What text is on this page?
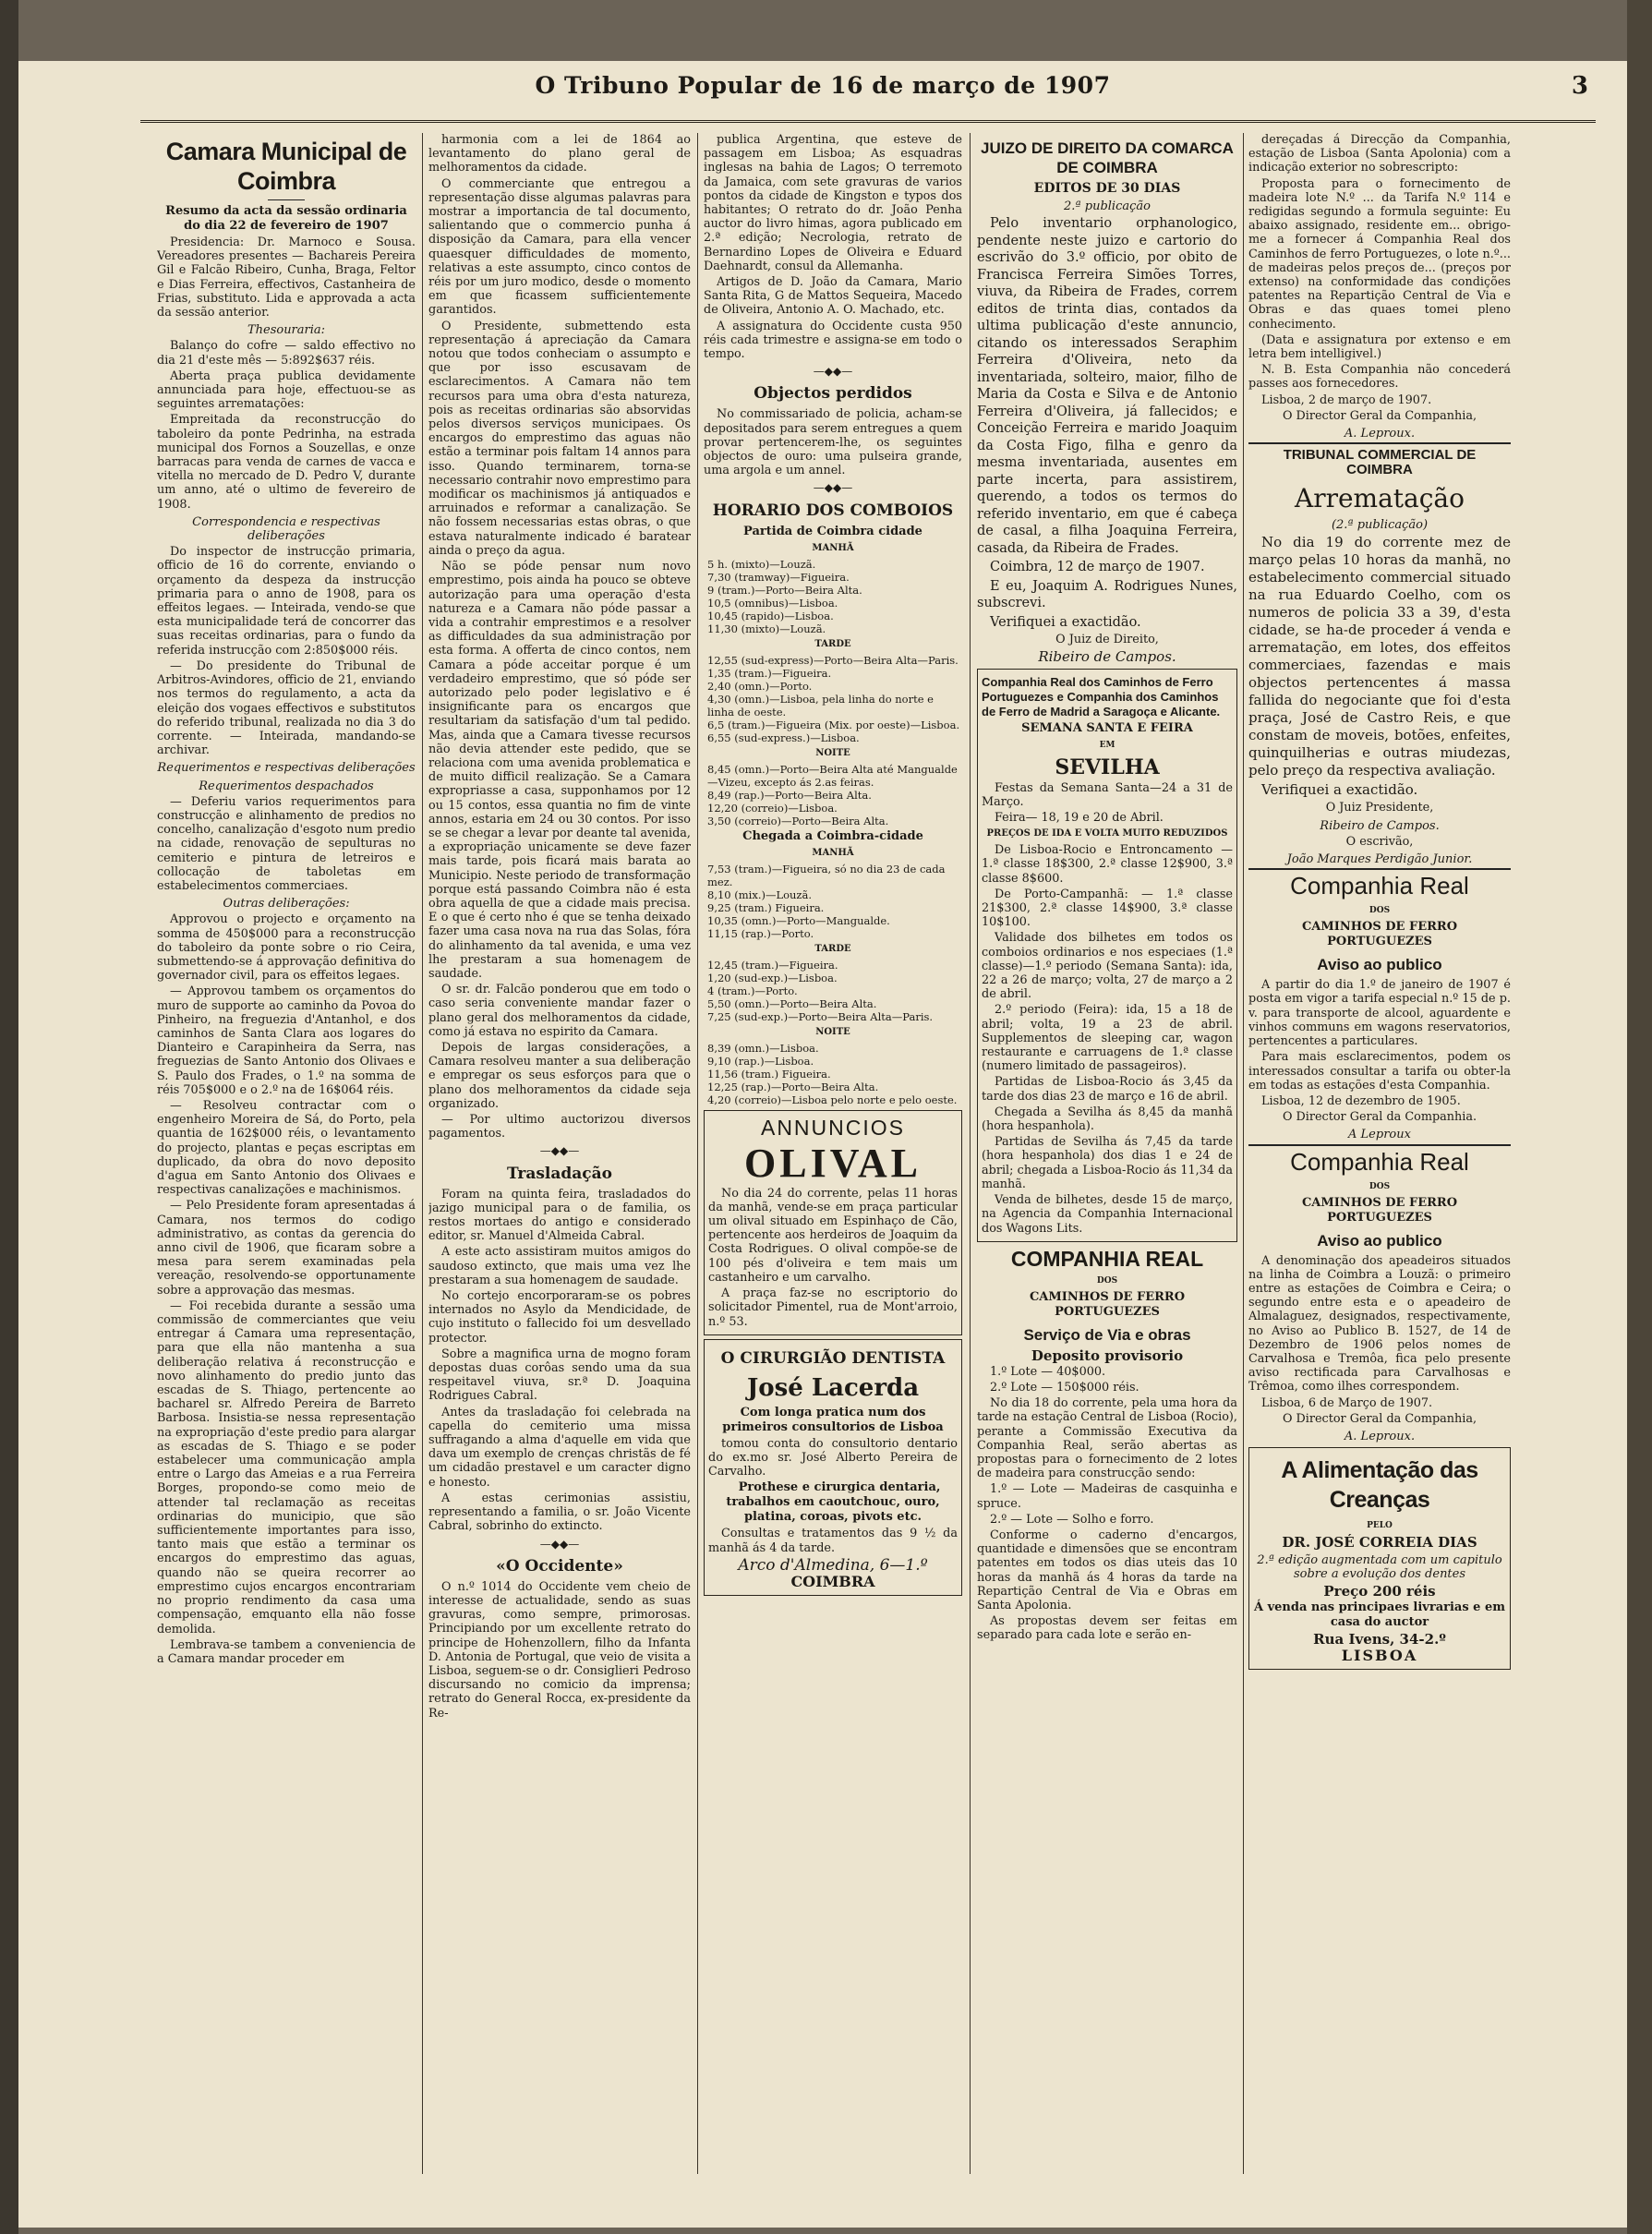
O Tribuno Popular de 16 de março de 1907	3
Camara Municipal de Coimbra
Resumo da acta da sessão ordinaria do dia 22 de fevereiro de 1907

Presidencia: Dr. Marnoco e Sousa. Vereadores presentes — Bachareis Pereira Gil e Falcão Ribeiro, Cunha, Braga, Feltor e Dias Ferreira, effectivos, Castanheira de Frias, substituto. Lida e approvada a acta da sessão anterior.

Thesouraria:

Balanço do cofre — saldo effectivo no dia 21 d'este mês — 5:892$637 réis.

Aberta praça publica devidamente annunciada para hoje, effectuou-se as seguintes arrematações:

Empreitada da reconstrucção do taboleiro da ponte Pedrinha, na estrada municipal dos Fornos a Souzellas, e onze barracas para venda de carnes de vacca e vitella no mercado de D. Pedro V, durante um anno, até o ultimo de fevereiro de 1908.

Correspondencia e respectivas deliberações

Do inspector de instrucção primaria, officio de 16 do corrente, enviando o orçamento da despeza da instrucção primaria para o anno de 1908, para os effeitos legaes. — Inteirada, vendo-se que esta municipalidade terá de concorrer das suas receitas ordinarias, para o fundo da referida instrucção com 2:850$000 réis.

— Do presidente do Tribunal de Arbitros-Avindores, officio de 21, enviando nos termos do regulamento, a acta da eleição dos vogaes effectivos e substitutos do referido tribunal, realizada no dia 3 do corrente. — Inteirada, mandando-se archivar.

Requerimentos e respectivas deliberações
Requerimentos despachados

— Deferiu varios requerimentos para construcção e alinhamento de predios no concelho, canalização d'esgoto num predio na cidade, renovação de sepulturas no cemiterio e pintura de letreiros e collocação de taboletas em estabelecimentos commerciaes.

Outras deliberações:

Approvou o projecto e orçamento na somma de 450$000 para a reconstrucção do taboleiro da ponte sobre o rio Ceira, submettendo-se á approvação definitiva do governador civil, para os effeitos legaes.

— Approvou tambem os orçamentos do muro de supporte ao caminho da Povoa do Pinheiro, na freguezia d'Antanhol, e dos caminhos de Santa Clara aos logares do Dianteiro e Carapinheira da Serra, nas freguezias de Santo Antonio dos Olivaes e S. Paulo dos Frades, o 1.º na somma de réis 705$000 e o 2.º na de 16$064 réis.

— Resolveu contractar com o engenheiro Moreira de Sá, do Porto, pela quantia de 162$000 réis, o levantamento do projecto, plantas e peças escriptas em duplicado, da obra do novo deposito d'agua em Santo Antonio dos Olivaes e respectivas canalizações e machinismos.

— Pelo Presidente foram apresentadas á Camara, nos termos do codigo administrativo, as contas da gerencia do anno civil de 1906, que ficaram sobre a mesa para serem examinadas pela vereação, resolvendo-se opportunamente sobre a approvação das mesmas.

— Foi recebida durante a sessão uma commissão de commerciantes que veiu entregar á Camara uma representação, para que ella não mantenha a sua deliberação relativa á reconstrucção e novo alinhamento do predio junto das escadas de S. Thiago, pertencente ao bacharel sr. Alfredo Pereira de Barreto Barbosa. Insistia-se nessa representação na expropriação d'este predio para alargar as escadas de S. Thiago e se poder estabelecer uma communicação ampla entre o Largo das Ameias e a rua Ferreira Borges, propondo-se como meio de attender tal reclamação as receitas ordinarias do municipio, que são sufficientemente importantes para isso, tanto mais que estão a terminar os encargos do emprestimo das aguas, quando não se queira recorrer ao emprestimo cujos encargos encontrariam no proprio rendimento da casa uma compensação, emquanto ella não fosse demolida.

Lembrava-se tambem a conveniencia de a Camara mandar proceder em

harmonia com a lei de 1864 ao levantamento do plano geral de melhoramentos da cidade.

O commerciante que entregou a representação disse algumas palavras para mostrar a importancia de tal documento, salientando que o commercio punha á disposição da Camara, para ella vencer quaesquer difficuldades de momento, relativas a este assumpto, cinco contos de réis por um juro modico, desde o momento em que ficassem sufficientemente garantidos.

O Presidente, submettendo esta representação á apreciação da Camara notou que todos conheciam o assumpto e que por isso escusavam de esclarecimentos. A Camara não tem recursos para uma obra d'esta natureza, pois as receitas ordinarias são absorvidas pelos diversos serviços municipaes. Os encargos do emprestimo das aguas não estão a terminar pois faltam 14 annos para isso. Quando terminarem, torna-se necessario contrahir novo emprestimo para modificar os machinismos já antiquados e arruinados e reformar a canalização. Se não fossem necessarias estas obras, o que estava naturalmente indicado é baratear ainda o preço da agua.

Não se póde pensar num novo emprestimo, pois ainda ha pouco se obteve autorização para uma operação d'esta natureza e a Camara não póde passar a vida a contrahir emprestimos e a resolver as difficuldades da sua administração por esta forma. A offerta de cinco contos, nem Camara a póde acceitar porque é um verdadeiro emprestimo, que só póde ser autorizado pelo poder legislativo e é insignificante para os encargos que resultariam da satisfação d'um tal pedido. Mas, ainda que a Camara tivesse recursos não devia attender este pedido, que se relaciona com uma avenida problematica e de muito difficil realização. Se a Camara expropriasse a casa, supponhamos por 12 ou 15 contos, essa quantia no fim de vinte annos, estaria em 24 ou 30 contos. Por isso se se chegar a levar por deante tal avenida, a expropriação unicamente se deve fazer mais tarde, pois ficará mais barata ao Municipio. Neste periodo de transformação porque está passando Coimbra não é esta obra aquella de que a cidade mais precisa. E o que é certo nho é que se tenha deixado fazer uma casa nova na rua das Solas, fóra do alinhamento da tal avenida, e uma vez lhe prestaram a sua homenagem de saudade.

O sr. dr. Falcão ponderou que em todo o caso seria conveniente mandar fazer o plano geral dos melhoramentos da cidade, como já estava no espirito da Camara.

Depois de largas considerações, a Camara resolveu manter a sua deliberação e empregar os seus esforços para que o plano dos melhoramentos da cidade seja organizado.

— Por ultimo auctorizou diversos pagamentos.

—◆◆—
Trasladação

Foram na quinta feira, trasladados do jazigo municipal para o de familia, os restos mortaes do antigo e considerado editor, sr. Manuel d'Almeida Cabral.

A este acto assistiram muitos amigos do saudoso extincto, que mais uma vez lhe prestaram a sua homenagem de saudade.

No cortejo encorporaram-se os pobres internados no Asylo da Mendicidade, de cujo instituto o fallecido foi um desvellado protector.

Sobre a magnifica urna de mogno foram depostas duas corôas sendo uma da sua respeitavel viuva, sr.ª D. Joaquina Rodrigues Cabral.

Antes da trasladação foi celebrada na capella do cemiterio uma missa suffragando a alma d'aquelle em vida que dava um exemplo de crenças christãs de fé um cidadão prestavel e um caracter digno e honesto.

A estas cerimonias assistiu, representando a familia, o sr. João Vicente Cabral, sobrinho do extincto.

—◆◆—
«O Occidente»

O n.º 1014 do Occidente vem cheio de interesse de actualidade, sendo as suas gravuras, como sempre, primorosas. Principiando por um excellente retrato do principe de Hohenzollern, filho da Infanta D. Antonia de Portugal, que veio de visita a Lisboa, seguem-se o dr. Consiglieri Pedroso discursando no comicio da imprensa; retrato do General Rocca, ex-presidente da Re-

publica Argentina, que esteve de passagem em Lisboa; As esquadras inglesas na bahia de Lagos; O terremoto da Jamaica, com sete gravuras de varios pontos da cidade de Kingston e typos dos habitantes; O retrato do dr. João Penha auctor do livro himas, agora publicado em 2.ª edição; Necrologia, retrato de Bernardino Lopes de Oliveira e Eduard Daehnardt, consul da Allemanha.

Artigos de D. João da Camara, Mario Santa Rita, G de Mattos Sequeira, Macedo de Oliveira, Antonio A. O. Machado, etc.

A assignatura do Occidente custa 950 réis cada trimestre e assigna-se em todo o tempo.

—◆◆—
Objectos perdidos

No commissariado de policia, acham-se depositados para serem entregues a quem provar pertencerem-lhe, os seguintes objectos de ouro: uma pulseira grande, uma argola e um annel.

—◆◆—
HORARIO DOS COMBOIOS
Partida de Coimbra cidade
MANHÃ
5 h. (mixto)—Louzã.
7,30 (tramway)—Figueira.
9 (tram.)—Porto—Beira Alta.
10,5 (omnibus)—Lisboa.
10,45 (rapido)—Lisboa.
11,30 (mixto)—Louzã.
TARDE
12,55 (sud-express)—Porto—Beira Alta—Paris.
1,35 (tram.)—Figueira.
2,40 (omn.)—Porto.
4,30 (omn.)—Lisboa, pela linha do norte e linha de oeste.
6,5 (tram.)—Figueira (Mix. por oeste)—Lisboa.
6,55 (sud-express.)—Lisboa.
NOITE
8,45 (omn.)—Porto—Beira Alta até Mangualde—Vizeu, excepto ás 2.as feiras.
8,49 (rap.)—Porto—Beira Alta.
12,20 (correio)—Lisboa.
3,50 (correio)—Porto—Beira Alta.
Chegada a Coimbra-cidade
MANHÃ
7,53 (tram.)—Figueira, só no dia 23 de cada mez.
8,10 (mix.)—Louzã.
9,25 (tram.) Figueira.
10,35 (omn.)—Porto—Mangualde.
11,15 (rap.)—Porto.
TARDE
12,45 (tram.)—Figueira.
1,20 (sud-exp.)—Lisboa.
4 (tram.)—Porto.
5,50 (omn.)—Porto—Beira Alta.
7,25 (sud-exp.)—Porto—Beira Alta—Paris.
NOITE
8,39 (omn.)—Lisboa.
9,10 (rap.)—Lisboa.
11,56 (tram.) Figueira.
12,25 (rap.)—Porto—Beira Alta.
4,20 (correio)—Lisboa pelo norte e pelo oeste.
ANNUNCIOS
OLIVAL

No dia 24 do corrente, pelas 11 horas da manhã, vende-se em praça particular um olival situado em Espinhaço de Cão, pertencente aos herdeiros de Joaquim da Costa Rodrigues. O olival compõe-se de 100 pés d'oliveira e tem mais um castanheiro e um carvalho.

A praça faz-se no escriptorio do solicitador Pimentel, rua de Mont'arroio, n.º 53.

O CIRURGIÃO DENTISTA
José Lacerda
Com longa pratica num dos primeiros consultorios de Lisboa

tomou conta do consultorio dentario do ex.mo sr. José Alberto Pereira de Carvalho.

Prothese e cirurgica dentaria, trabalhos em caoutchouc, ouro, platina, coroas, pivots etc.

Consultas e tratamentos das 9 ½ da manhã ás 4 da tarde.

Arco d'Almedina, 6—1.º
COIMBRA
JUIZO DE DIREITO DA COMARCA DE COIMBRA
EDITOS DE 30 DIAS
2.ª publicação

Pelo inventario orphanologico, pendente neste juizo e cartorio do escrivão do 3.º officio, por obito de Francisca Ferreira Simões Torres, viuva, da Ribeira de Frades, correm editos de trinta dias, contados da ultima publicação d'este annuncio, citando os interessados Seraphim Ferreira d'Oliveira, neto da inventariada, solteiro, maior, filho de Maria da Costa e Silva e de Antonio Ferreira d'Oliveira, já fallecidos; e Conceição Ferreira e marido Joaquim da Costa Figo, filha e genro da mesma inventariada, ausentes em parte incerta, para assistirem, querendo, a todos os termos do referido inventario, em que é cabeça de casal, a filha Joaquina Ferreira, casada, da Ribeira de Frades.

Coimbra, 12 de março de 1907.

E eu, Joaquim A. Rodrigues Nunes, subscrevi.

Verifiquei a exactidão.

O Juiz de Direito,
Ribeiro de Campos.
Companhia Real dos Caminhos de Ferro Portuguezes e Companhia dos Caminhos de Ferro de Madrid a Saragoça e Alicante.
SEMANA SANTA E FEIRA
EM
SEVILHA

Festas da Semana Santa—24 a 31 de Março.

Feira— 18, 19 e 20 de Abril.

PREÇOS DE IDA E VOLTA MUITO REDUZIDOS

De Lisboa-Rocio e Entroncamento — 1.ª classe 18$300, 2.ª classe 12$900, 3.ª classe 8$600.

De Porto-Campanhã: — 1.ª classe 21$300, 2.ª classe 14$900, 3.ª classe 10$100.

Validade dos bilhetes em todos os comboios ordinarios e nos especiaes (1.ª classe)—1.º periodo (Semana Santa): ida, 22 a 26 de março; volta, 27 de março a 2 de abril.

2.º periodo (Feira): ida, 15 a 18 de abril; volta, 19 a 23 de abril. Supplementos de sleeping car, wagon restaurante e carruagens de 1.ª classe (numero limitado de passageiros).

Partidas de Lisboa-Rocio ás 3,45 da tarde dos dias 23 de março e 16 de abril.

Chegada a Sevilha ás 8,45 da manhã (hora hespanhola).

Partidas de Sevilha ás 7,45 da tarde (hora hespanhola) dos dias 1 e 24 de abril; chegada a Lisboa-Rocio ás 11,34 da manhã.

Venda de bilhetes, desde 15 de março, na Agencia da Companhia Internacional dos Wagons Lits.

COMPANHIA REAL
DOS
CAMINHOS DE FERRO PORTUGUEZES
Serviço de Via e obras
Deposito provisorio

1.º Lote — 40$000.

2.º Lote — 150$000 réis.

No dia 18 do corrente, pela uma hora da tarde na estação Central de Lisboa (Rocio), perante a Commissão Executiva da Companhia Real, serão abertas as propostas para o fornecimento de 2 lotes de madeira para construcção sendo:

1.º — Lote — Madeiras de casquinha e spruce.

2.º — Lote — Solho e forro.

Conforme o caderno d'encargos, quantidade e dimensões que se encontram patentes em todos os dias uteis das 10 horas da manhã ás 4 horas da tarde na Repartição Central de Via e Obras em Santa Apolonia.

As propostas devem ser feitas em separado para cada lote e serão en-

dereçadas á Direcção da Companhia, estação de Lisboa (Santa Apolonia) com a indicação exterior no sobrescripto:

Proposta para o fornecimento de madeira lote N.º ... da Tarifa N.º 114 e redigidas segundo a formula seguinte: Eu abaixo assignado, residente em... obrigo-me a fornecer á Companhia Real dos Caminhos de ferro Portuguezes, o lote n.º... de madeiras pelos preços de... (preços por extenso) na conformidade das condições patentes na Repartição Central de Via e Obras e das quaes tomei pleno conhecimento.

(Data e assignatura por extenso e em letra bem intelligivel.)

N. B. Esta Companhia não concederá passes aos fornecedores.

Lisboa, 2 de março de 1907.

O Director Geral da Companhia,
A. Leproux.
TRIBUNAL COMMERCIAL DE COIMBRA
Arrematação
(2.ª publicação)

No dia 19 do corrente mez de março pelas 10 horas da manhã, no estabelecimento commercial situado na rua Eduardo Coelho, com os numeros de policia 33 a 39, d'esta cidade, se ha-de proceder á venda e arrematação, em lotes, dos effeitos commerciaes, fazendas e mais objectos pertencentes á massa fallida do negociante que foi d'esta praça, José de Castro Reis, e que constam de moveis, botões, enfeites, quinquilherias e outras miudezas, pelo preço da respectiva avaliação.

Verifiquei a exactidão.

O Juiz Presidente,
Ribeiro de Campos.
O escrivão,
João Marques Perdigão Junior.
Companhia Real
DOS
CAMINHOS DE FERRO PORTUGUEZES
Aviso ao publico

A partir do dia 1.º de janeiro de 1907 é posta em vigor a tarifa especial n.º 15 de p. v. para transporte de alcool, aguardente e vinhos communs em wagons reservatorios, pertencentes a particulares.

Para mais esclarecimentos, podem os interessados consultar a tarifa ou obter-la em todas as estações d'esta Companhia.

Lisboa, 12 de dezembro de 1905.

O Director Geral da Companhia.
A Leproux
Companhia Real
DOS
CAMINHOS DE FERRO PORTUGUEZES
Aviso ao publico

A denominação dos apeadeiros situados na linha de Coimbra a Louzã: o primeiro entre as estações de Coimbra e Ceira; o segundo entre esta e o apeadeiro de Almalaguez, designados, respectivamente, no Aviso ao Publico B. 1527, de 14 de Dezembro de 1906 pelos nomes de Carvalhosa e Tremôa, fica pelo presente aviso rectificada para Carvalhosas e Trêmoa, como ilhes correspondem.

Lisboa, 6 de Março de 1907.

O Director Geral da Companhia,
A. Leproux.
A Alimentação das Creanças
PELO
DR. JOSÉ CORREIA DIAS
2.ª edição augmentada com um capitulo sobre a evolução dos dentes
Preço 200 réis
Á venda nas principaes livrarias e em casa do auctor
Rua Ivens, 34-2.º
LISBOA
